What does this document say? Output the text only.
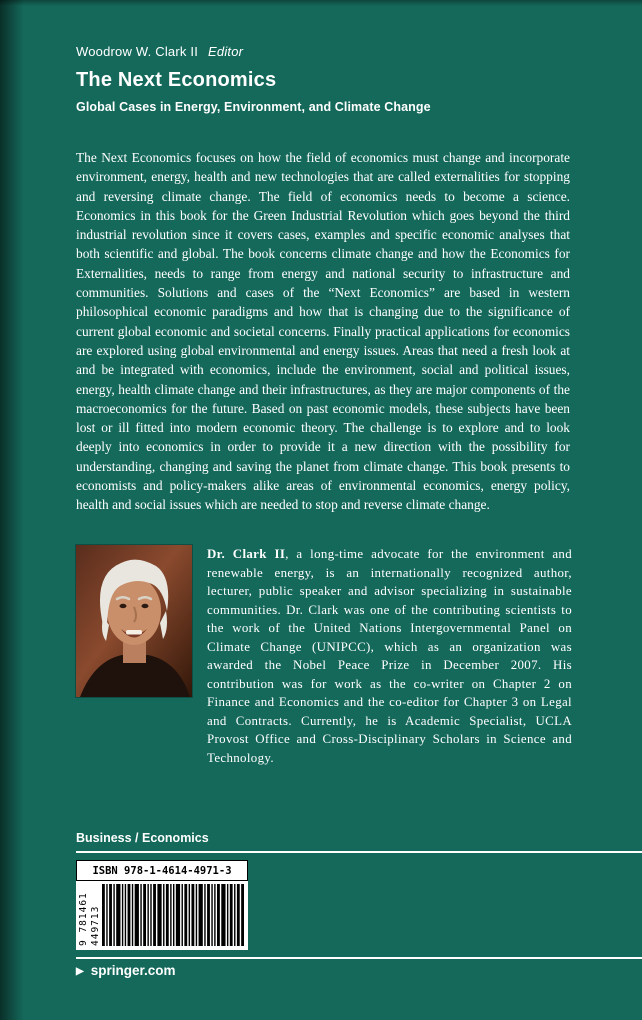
Woodrow W. Clark II Editor
The Next Economics
Global Cases in Energy, Environment, and Climate Change

The Next Economics focuses on how the field of economics must change and incorporate environment, energy, health and new technologies that are called externalities for stopping and reversing climate change. The field of economics needs to become a science. Economics in this book for the Green Industrial Revolution which goes beyond the third industrial revolution since it covers cases, examples and specific economic analyses that both scientific and global. The book concerns climate change and how the Economics for Externalities, needs to range from energy and national security to infrastructure and communities. Solutions and cases of the “Next Economics” are based in western philosophical economic paradigms and how that is changing due to the significance of current global economic and societal concerns. Finally practical applications for economics are explored using global environmental and energy issues. Areas that need a fresh look at and be integrated with economics, include the environment, social and political issues, energy, health climate change and their infrastructures, as they are major components of the macroeconomics for the future. Based on past economic models, these subjects have been lost or ill fitted into modern economic theory. The challenge is to explore and to look deeply into economics in order to provide it a new direction with the possibility for understanding, changing and saving the planet from climate change. This book presents to economists and policy-makers alike areas of environmental economics, energy policy, health and social issues which are needed to stop and reverse climate change.

Dr. Clark II, a long-time advocate for the environment and renewable energy, is an internationally recognized author, lecturer, public speaker and advisor specializing in sustainable communities. Dr. Clark was one of the contributing scientists to the work of the United Nations Intergovernmental Panel on Climate Change (UNIPCC), which as an organization was awarded the Nobel Peace Prize in December 2007. His contribution was for work as the co-writer on Chapter 2 on Finance and Economics and the co-editor for Chapter 3 on Legal and Contracts. Currently, he is Academic Specialist, UCLA Provost Office and Cross-Disciplinary Scholars in Science and Technology.

Business / Economics
ISBN 978-1-4614-4971-3
9 781461 449713
▶ springer.com
